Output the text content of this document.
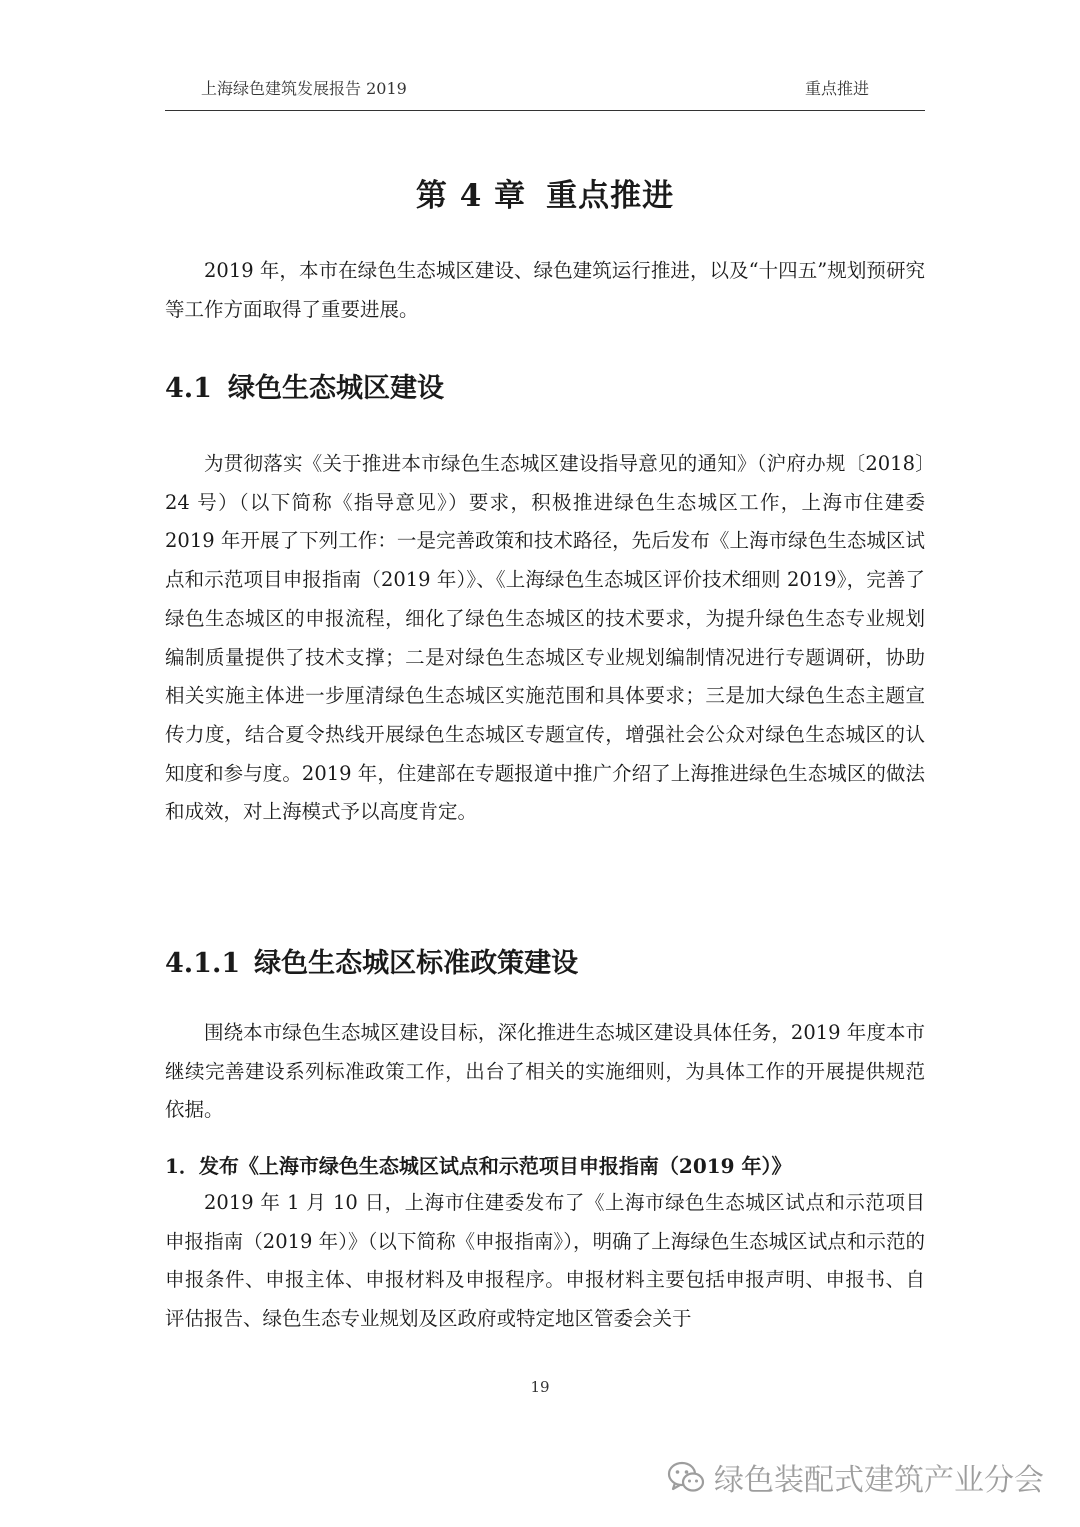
上海绿色建筑发展报告 2019	重点推进
第 4 章 重点推进

2019 年，本市在绿色生态城区建设、绿色建筑运行推进，以及“十四五”规划预研究等工作方面取得了重要进展。

4.1 绿色生态城区建设

为贯彻落实《关于推进本市绿色生态城区建设指导意见的通知》（沪府办规〔2018〕24 号）（以下简称《指导意见》）要求，积极推进绿色生态城区工作，上海市住建委 2019 年开展了下列工作：一是完善政策和技术路径，先后发布《上海市绿色生态城区试点和示范项目申报指南（2019 年）》、《上海绿色生态城区评价技术细则 2019》，完善了绿色生态城区的申报流程，细化了绿色生态城区的技术要求，为提升绿色生态专业规划编制质量提供了技术支撑；二是对绿色生态城区专业规划编制情况进行专题调研，协助相关实施主体进一步厘清绿色生态城区实施范围和具体要求；三是加大绿色生态主题宣传力度，结合夏令热线开展绿色生态城区专题宣传，增强社会公众对绿色生态城区的认知度和参与度。2019 年，住建部在专题报道中推广介绍了上海推进绿色生态城区的做法和成效，对上海模式予以高度肯定。

4.1.1 绿色生态城区标准政策建设

围绕本市绿色生态城区建设目标，深化推进生态城区建设具体任务，2019 年度本市继续完善建设系列标准政策工作，出台了相关的实施细则，为具体工作的开展提供规范依据。

1．发布《上海市绿色生态城区试点和示范项目申报指南（2019 年）》

2019 年 1 月 10 日，上海市住建委发布了《上海市绿色生态城区试点和示范项目申报指南（2019 年）》（以下简称《申报指南》），明确了上海绿色生态城区试点和示范的申报条件、申报主体、申报材料及申报程序。申报材料主要包括申报声明、申报书、自评估报告、绿色生态专业规划及区政府或特定地区管委会关于

19
绿色装配式建筑产业分会
